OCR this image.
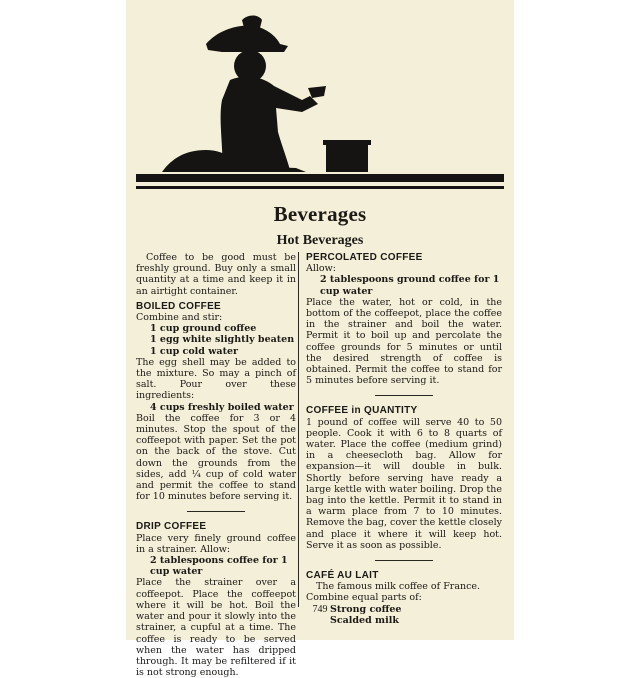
Beverages
Hot Beverages
Coffee to be good must be freshly ground. Buy only a small quantity at a time and keep it in an airtight container.
BOILED COFFEE
Combine and stir:
1 cup ground coffee
1 egg white slightly beaten
1 cup cold water
The egg shell may be added to the mixture. So may a pinch of salt. Pour over these ingredients:
4 cups freshly boiled water
Boil the coffee for 3 or 4 minutes. Stop the spout of the coffeepot with paper. Set the pot on the back of the stove. Cut down the grounds from the sides, add ¼ cup of cold water and permit the coffee to stand for 10 minutes before serving it.
DRIP COFFEE
Place very finely ground coffee in a strainer. Allow:
2 tablespoons coffee for 1 cup water
Place the strainer over a coffeepot. Place the coffeepot where it will be hot. Boil the water and pour it slowly into the strainer, a cupful at a time. The coffee is ready to be served when the water has dripped through. It may be refiltered if it is not strong enough.
PERCOLATED COFFEE
Allow:
2 tablespoons ground coffee for 1 cup water
Place the water, hot or cold, in the bottom of the coffeepot, place the coffee in the strainer and boil the water. Permit it to boil up and percolate the coffee grounds for 5 minutes or until the desired strength of coffee is obtained. Permit the coffee to stand for 5 minutes before serving it.
COFFEE in QUANTITY
1 pound of coffee will serve 40 to 50 people. Cook it with 6 to 8 quarts of water. Place the coffee (medium grind) in a cheesecloth bag. Allow for expansion—it will double in bulk. Shortly before serving have ready a large kettle with water boiling. Drop the bag into the kettle. Permit it to stand in a warm place from 7 to 10 minutes. Remove the bag, cover the kettle closely and place it where it will keep hot. Serve it as soon as possible.
CAFÉ AU LAIT
The famous milk coffee of France.
Combine equal parts of:
Strong coffee
Scalded milk
749
